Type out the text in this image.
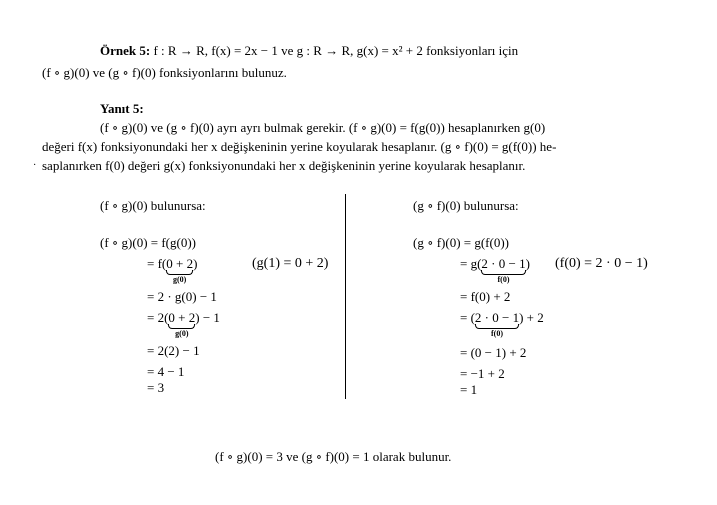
Örnek 5: f : R → R, f(x) = 2x − 1 ve g : R → R, g(x) = x² + 2 fonksiyonları için
(f ∘ g)(0) ve (g ∘ f)(0) fonksiyonlarını bulunuz.
Yanıt 5:
(f ∘ g)(0) ve (g ∘ f)(0) ayrı ayrı bulmak gerekir. (f ∘ g)(0) = f(g(0)) hesaplanırken g(0)
değeri f(x) fonksiyonundaki her x değişkeninin yerine koyularak hesaplanır. (g ∘ f)(0) = g(f(0)) he-
saplanırken f(0) değeri g(x) fonksiyonundaki her x değişkeninin yerine koyularak hesaplanır.
·
(f ∘ g)(0) bulunursa:
(f ∘ g)(0) = f(g(0))
= f(0 + 2
g(0)
)	(g(1) = 0 + 2)
= 2 · g(0) − 1
= 2(0 + 2
g(0)
) − 1
= 2(2) − 1
= 4 − 1
= 3
(g ∘ f)(0) bulunursa:
(g ∘ f)(0) = g(f(0))
= g(2 · 0 − 1
f(0)
) (f(0) = 2 · 0 − 1)
= f(0) + 2
= (2 · 0 − 1
f(0)
) + 2
= (0 − 1) + 2
= −1 + 2
= 1
(f ∘ g)(0) = 3 ve (g ∘ f)(0) = 1 olarak bulunur.
